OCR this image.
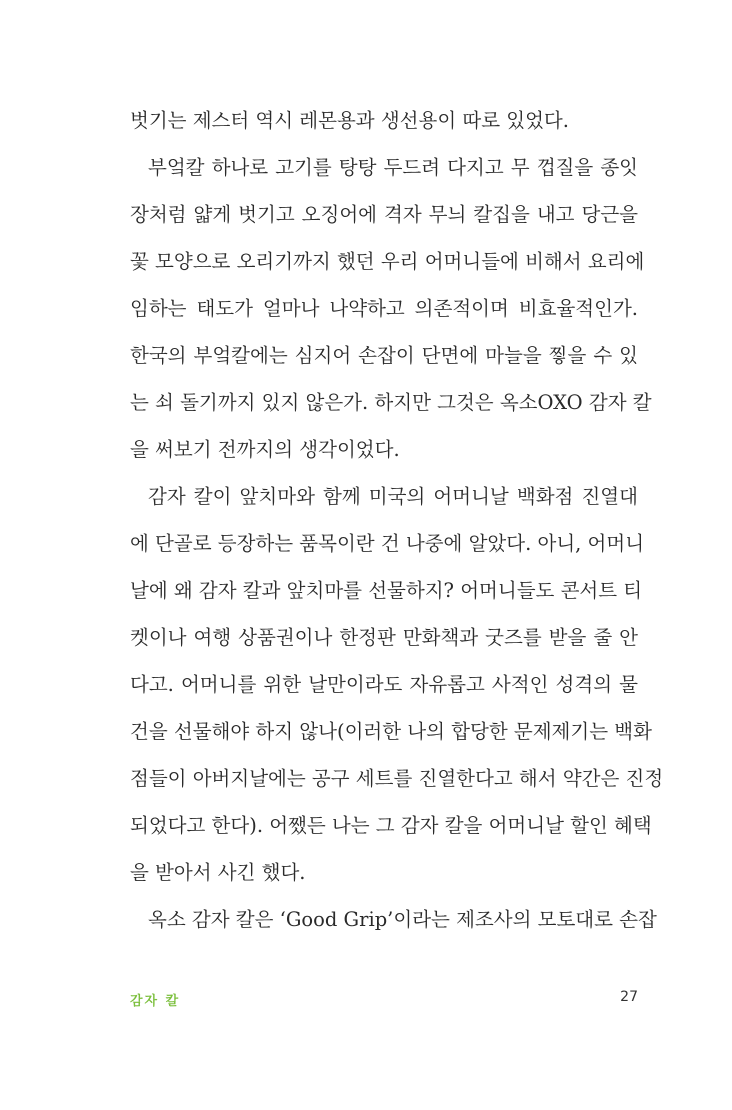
벗기는 제스터 역시 레몬용과 생선용이 따로 있었다.
부엌칼 하나로 고기를 탕탕 두드려 다지고 무 껍질을 종잇
장처럼 얇게 벗기고 오징어에 격자 무늬 칼집을 내고 당근을
꽃 모양으로 오리기까지 했던 우리 어머니들에 비해서 요리에
임하는 태도가 얼마나 나약하고 의존적이며 비효율적인가.
한국의 부엌칼에는 심지어 손잡이 단면에 마늘을 찧을 수 있
는 쇠 돌기까지 있지 않은가. 하지만 그것은 옥소OXO 감자 칼
을 써보기 전까지의 생각이었다.
감자 칼이 앞치마와 함께 미국의 어머니날 백화점 진열대
에 단골로 등장하는 품목이란 건 나중에 알았다. 아니, 어머니
날에 왜 감자 칼과 앞치마를 선물하지? 어머니들도 콘서트 티
켓이나 여행 상품권이나 한정판 만화책과 굿즈를 받을 줄 안
다고. 어머니를 위한 날만이라도 자유롭고 사적인 성격의 물
건을 선물해야 하지 않나(이러한 나의 합당한 문제제기는 백화
점들이 아버지날에는 공구 세트를 진열한다고 해서 약간은 진정
되었다고 한다). 어쨌든 나는 그 감자 칼을 어머니날 할인 혜택
을 받아서 사긴 했다.
옥소 감자 칼은 ‘Good Grip’이라는 제조사의 모토대로 손잡
감자 칼	27
